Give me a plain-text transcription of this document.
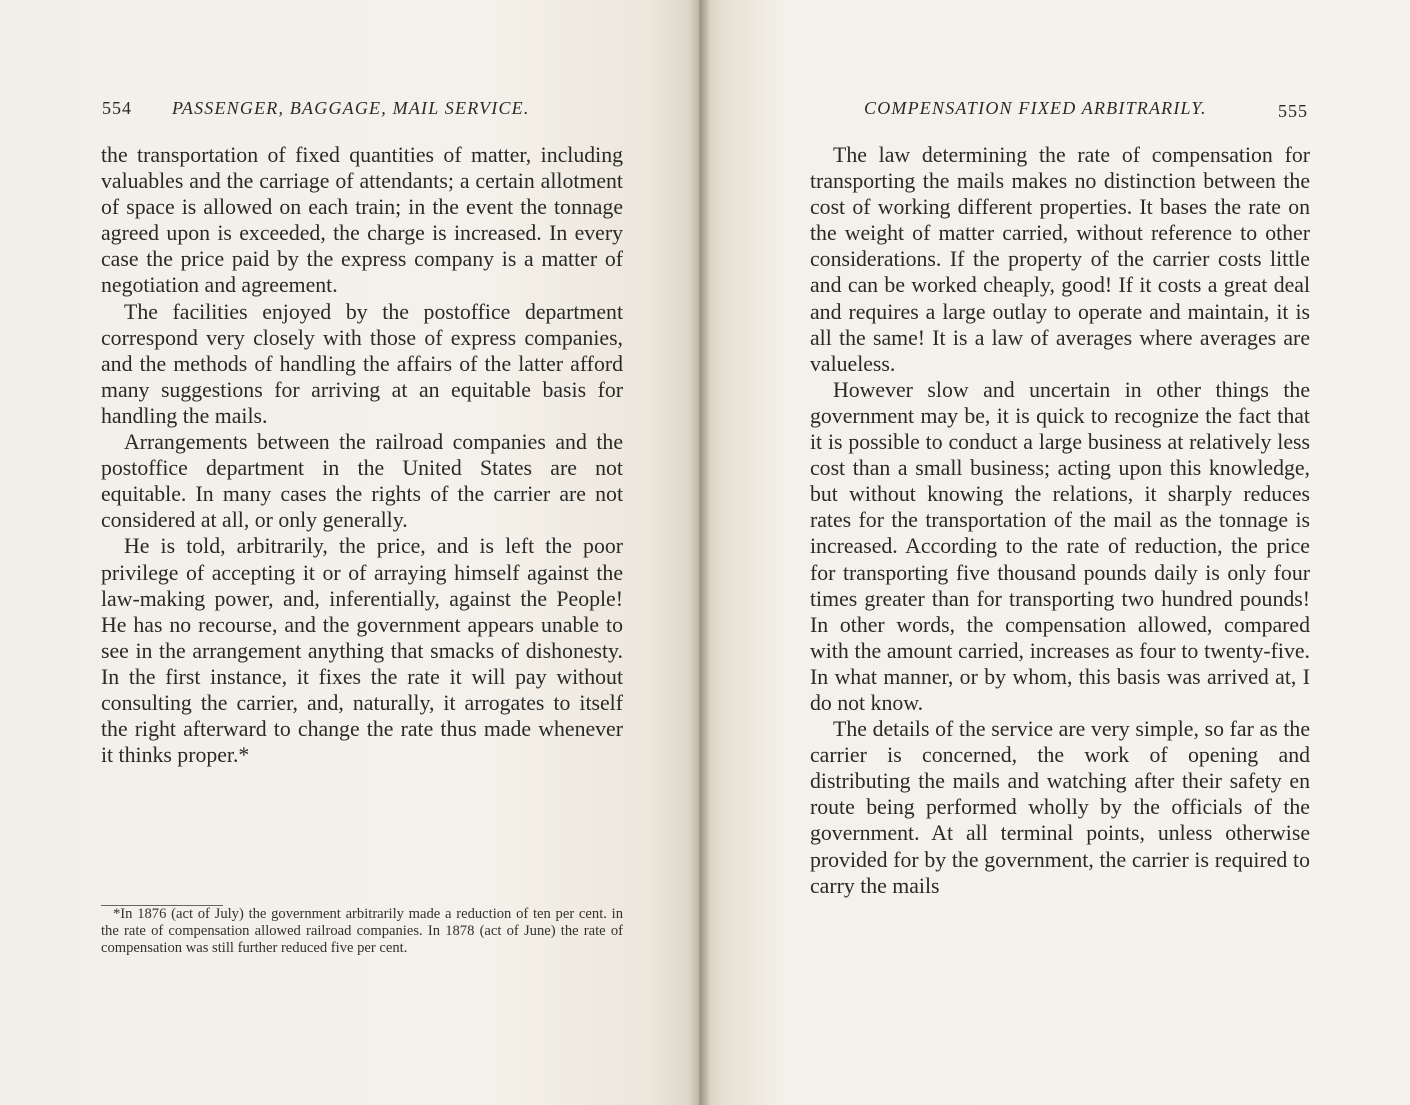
554 PASSENGER, BAGGAGE, MAIL SERVICE.

the transportation of fixed quantities of matter, including valuables and the carriage of attendants; a certain allotment of space is allowed on each train; in the event the tonnage agreed upon is exceeded, the charge is increased. In every case the price paid by the express company is a matter of negotiation and agreement.

The facilities enjoyed by the postoffice department correspond very closely with those of express companies, and the methods of handling the affairs of the latter afford many suggestions for arriving at an equitable basis for handling the mails.

Arrangements between the railroad companies and the postoffice department in the United States are not equitable. In many cases the rights of the carrier are not considered at all, or only generally.

He is told, arbitrarily, the price, and is left the poor privilege of accepting it or of arraying himself against the law-making power, and, inferentially, against the People! He has no recourse, and the government appears unable to see in the arrangement anything that smacks of dishonesty. In the first instance, it fixes the rate it will pay without consulting the carrier, and, naturally, it arrogates to itself the right afterward to change the rate thus made whenever it thinks proper.*

*In 1876 (act of July) the government arbitrarily made a reduction of ten per cent. in the rate of compensation allowed railroad companies. In 1878 (act of June) the rate of compensation was still further reduced five per cent.
COMPENSATION FIXED ARBITRARILY.	555

The law determining the rate of compensation for transporting the mails makes no distinction between the cost of working different properties. It bases the rate on the weight of matter carried, without reference to other considerations. If the property of the carrier costs little and can be worked cheaply, good! If it costs a great deal and requires a large outlay to operate and maintain, it is all the same! It is a law of averages where averages are valueless.

However slow and uncertain in other things the government may be, it is quick to recognize the fact that it is possible to conduct a large business at relatively less cost than a small business; acting upon this knowledge, but without knowing the relations, it sharply reduces rates for the transportation of the mail as the tonnage is increased. According to the rate of reduction, the price for transporting five thousand pounds daily is only four times greater than for transporting two hundred pounds! In other words, the compensation allowed, compared with the amount carried, increases as four to twenty-five. In what manner, or by whom, this basis was arrived at, I do not know.

The details of the service are very simple, so far as the carrier is concerned, the work of opening and distributing the mails and watching after their safety en route being performed wholly by the officials of the government. At all terminal points, unless otherwise provided for by the government, the carrier is required to carry the mails
